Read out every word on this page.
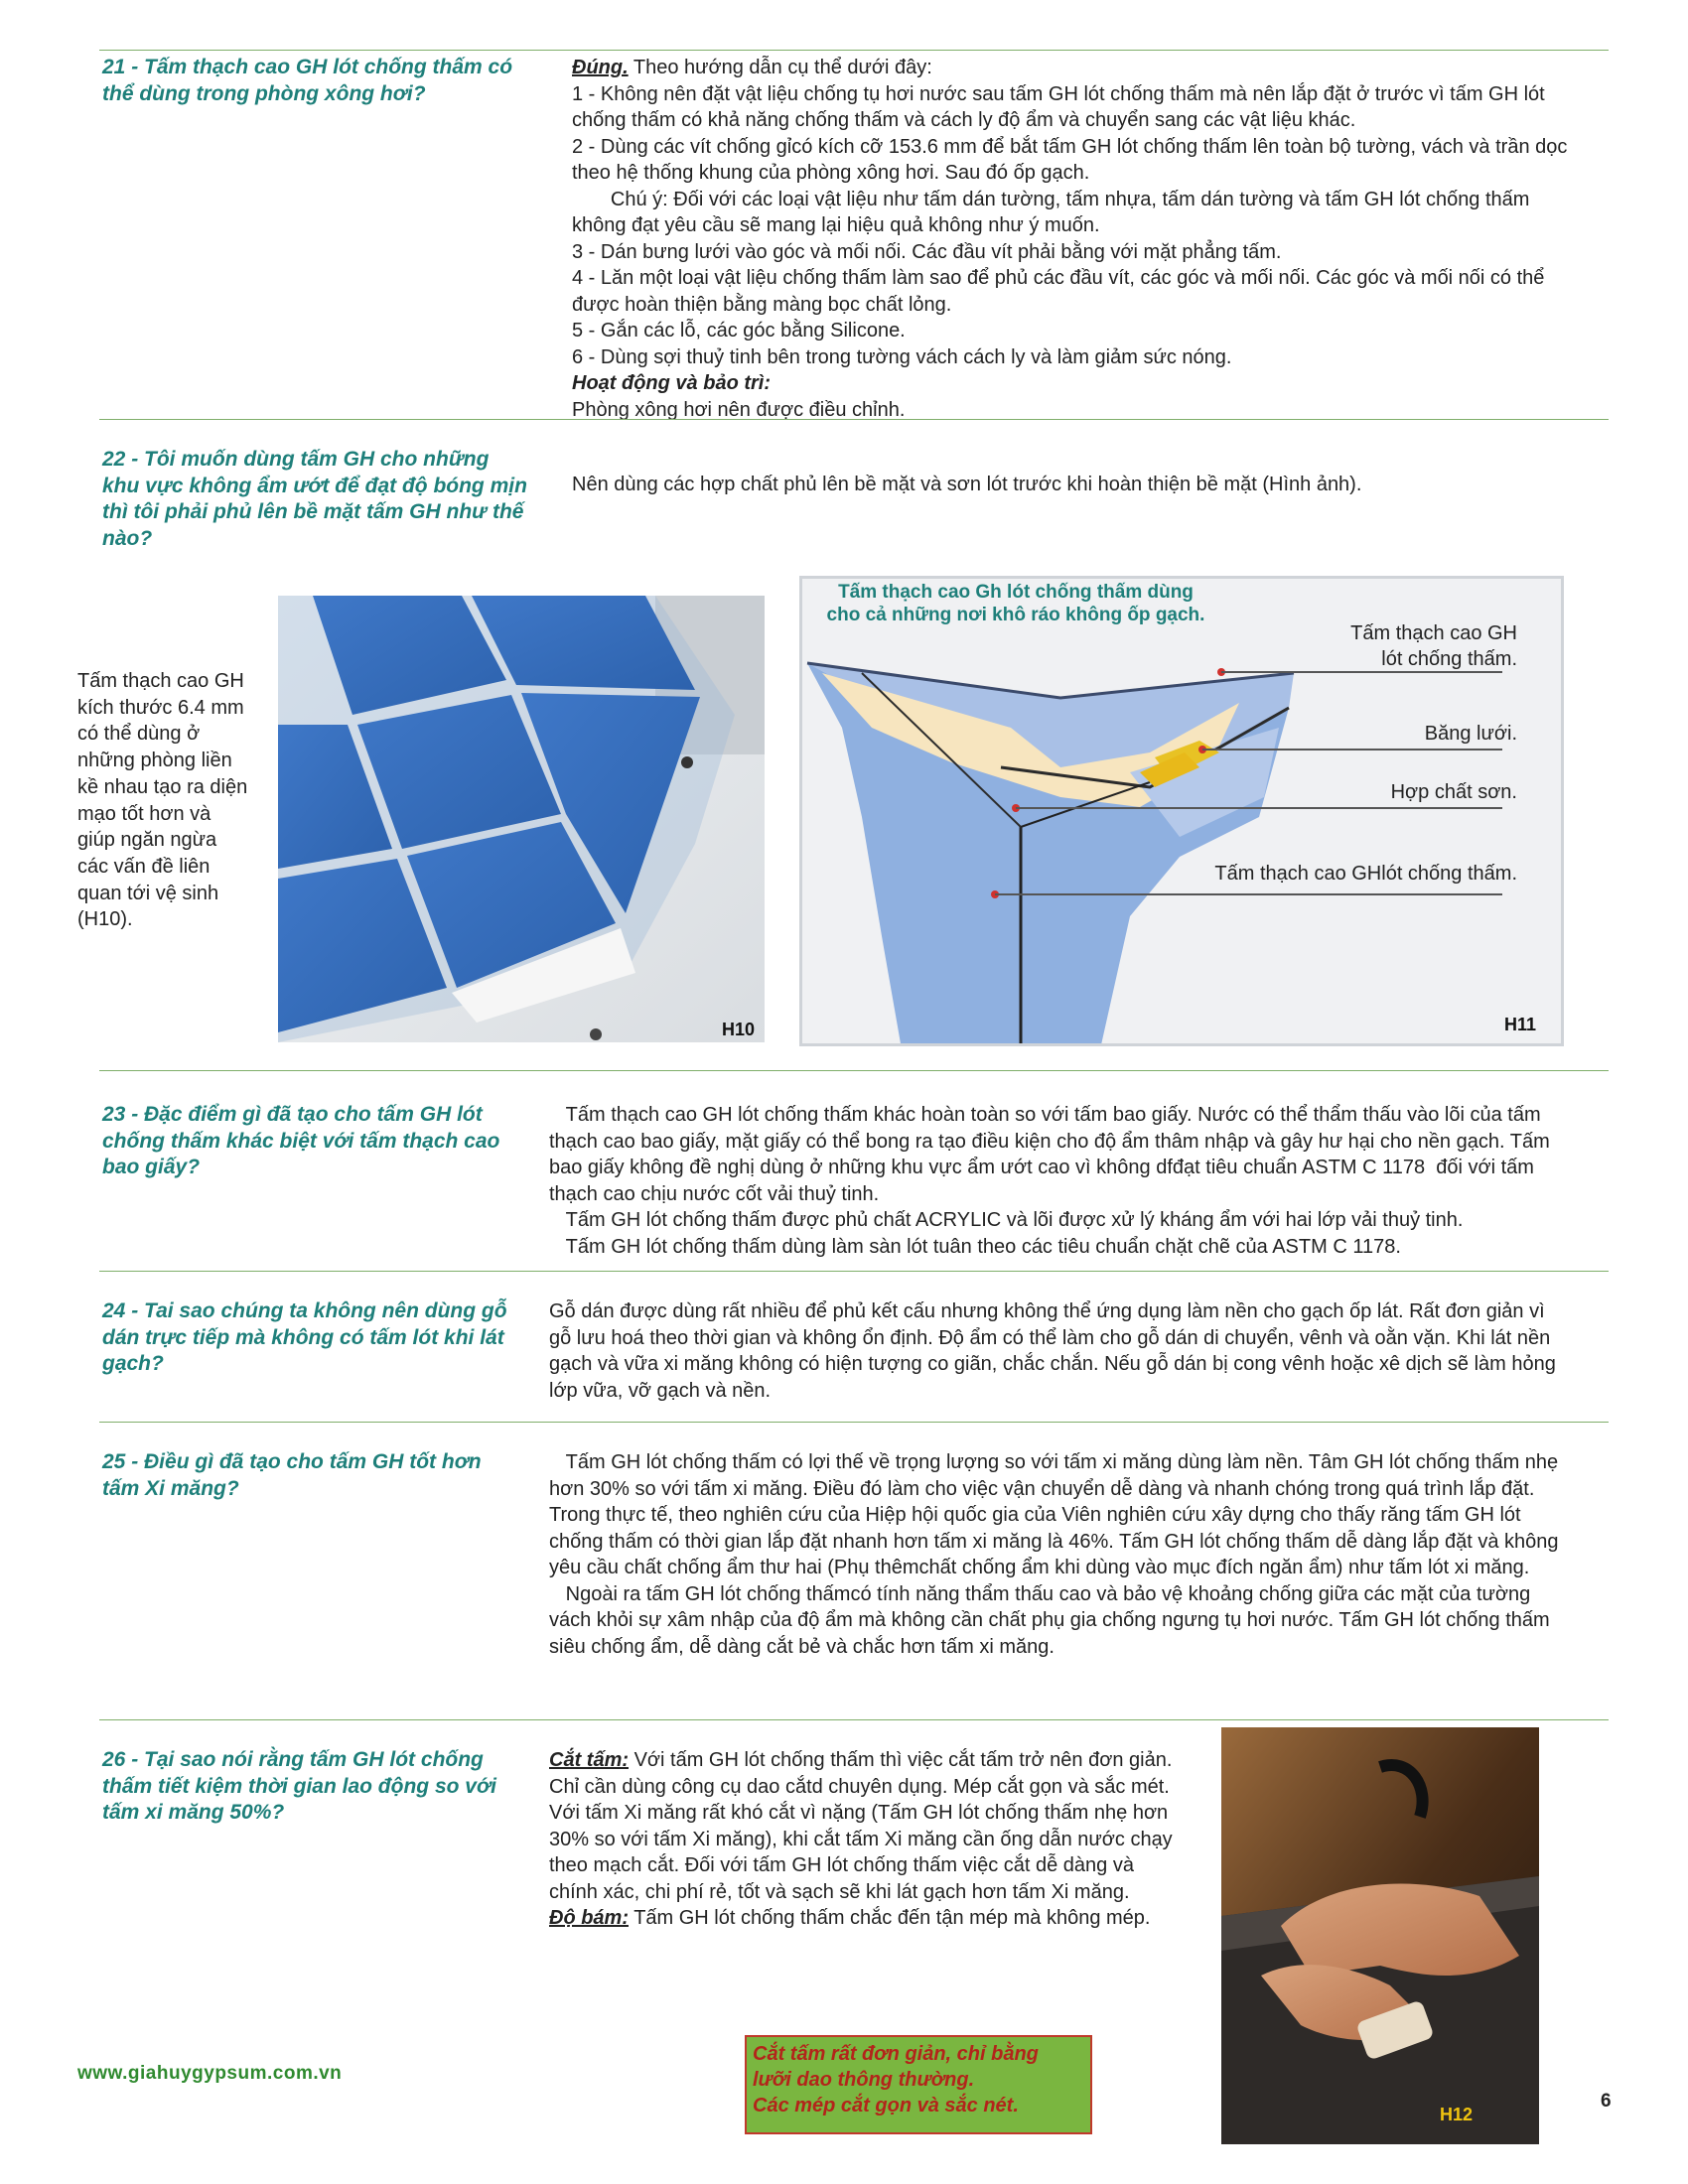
21 - Tấm thạch cao GH lót chống thấm có thể dùng trong phòng xông hơi?

Đúng. Theo hướng dẫn cụ thể dưới đây:

1 - Không nên đặt vật liệu chống tụ hơi nước sau tấm GH lót chống thấm mà nên lắp đặt ở trước vì tấm GH lót chống thấm có khả năng chống thấm và cách ly độ ẩm và chuyển sang các vật liệu khác.

2 - Dùng các vít chống gỉcó kích cỡ 153.6 mm để bắt tấm GH lót chống thấm lên toàn bộ tường, vách và trần dọc theo hệ thống khung của phòng xông hơi. Sau đó ốp gạch.

Chú ý: Đối với các loại vật liệu như tấm dán tường, tấm nhựa, tấm dán tường và tấm GH lót chống thấm không đạt yêu cầu sẽ mang lại hiệu quả không như ý muốn.

3 - Dán bưng lưới vào góc và mối nối. Các đầu vít phải bằng với mặt phẳng tấm.

4 - Lăn một loại vật liệu chống thấm làm sao để phủ các đầu vít, các góc và mối nối. Các góc và mối nối có thể được hoàn thiện bằng màng bọc chất lỏng.

5 - Gắn các lỗ, các góc bằng Silicone.

6 - Dùng sợi thuỷ tinh bên trong tường vách cách ly và làm giảm sức nóng.

Hoạt động và bảo trì:

Phòng xông hơi nên được điều chỉnh.

22 - Tôi muốn dùng tấm GH cho những khu vực không ẩm ướt để đạt độ bóng mịn thì tôi phải phủ lên bề mặt tấm GH như thế nào?
Nên dùng các hợp chất phủ lên bề mặt và sơn lót trước khi hoàn thiện bề mặt (Hình ảnh).
Tấm thạch cao GH
kích thước 6.4 mm
có thể dùng ở
những phòng liền
kề nhau tạo ra diện
mạo tốt hơn và
giúp ngăn ngừa
các vấn đề liên
quan tới vệ sinh
(H10).
H10
Tấm thạch cao Gh lót chống thấm dùng
cho cả những nơi khô ráo không ốp gạch.
Tấm thạch cao GH
lót chống thấm.
Băng lưới.
Hợp chất sơn.
Tấm thạch cao GHlót chống thấm.
H11
23 - Đặc điểm gì đã tạo cho tấm GH lót chống thấm khác biệt với tấm thạch cao bao giấy?

Tấm thạch cao GH lót chống thấm khác hoàn toàn so với tấm bao giấy. Nước có thể thẩm thấu vào lõi của tấm thạch cao bao giấy, mặt giấy có thể bong ra tạo điều kiện cho độ ẩm thâm nhập và gây hư hại cho nền gạch. Tấm bao giấy không đề nghị dùng ở những khu vực ẩm ướt cao vì không dfđạt tiêu chuẩn ASTM C 1178  đối với tấm thạch cao chịu nước cốt vải thuỷ tinh.

Tấm GH lót chống thấm được phủ chất ACRYLIC và lõi được xử lý kháng ẩm với hai lớp vải thuỷ tinh.

Tấm GH lót chống thấm dùng làm sàn lót tuân theo các tiêu chuẩn chặt chẽ của ASTM C 1178.

24 - Tai sao chúng ta không nên dùng gỗ dán trực tiếp mà không có tấm lót khi lát gạch?
Gỗ dán được dùng rất nhiều để phủ kết cấu nhưng không thể ứng dụng làm nền cho gạch ốp lát. Rất đơn giản vì gỗ lưu hoá theo thời gian và không ổn định. Độ ẩm có thể làm cho gỗ dán di chuyển, vênh và oằn vặn. Khi lát nền gạch và vữa xi măng không có hiện tượng co giãn, chắc chắn. Nếu gỗ dán bị cong vênh hoặc xê dịch sẽ làm hỏng lớp vữa, vỡ gạch và nền.
25 - Điều gì đã tạo cho tấm GH tốt hơn tấm Xi măng?

Tấm GH lót chống thấm có lợi thế về trọng lượng so với tấm xi măng dùng làm nền. Tâm GH lót chống thấm nhẹ hơn 30% so với tấm xi măng. Điều đó làm cho việc vận chuyển dễ dàng và nhanh chóng trong quá trình lắp đặt. Trong thực tế, theo nghiên cứu của Hiệp hội quốc gia của Viên nghiên cứu xây dựng cho thấy răng tấm GH lót chống thấm có thời gian lắp đặt nhanh hơn tấm xi măng là 46%. Tấm GH lót chống thấm dễ dàng lắp đặt và không yêu cầu chất chống ẩm thư hai (Phụ thêmchất chống ẩm khi dùng vào mục đích ngăn ẩm) như tấm lót xi măng.

Ngoài ra tấm GH lót chống thấmcó tính năng thẩm thấu cao và bảo vệ khoảng chống giữa các mặt của tường vách khỏi sự xâm nhập của độ ẩm mà không cần chất phụ gia chống ngưng tụ hơi nước. Tấm GH lót chống thấm siêu chống ẩm, dễ dàng cắt bẻ và chắc hơn tấm xi măng.

26 - Tại sao nói rằng tấm GH lót chống thấm tiết kiệm thời gian lao động so với tấm xi măng 50%?

Cắt tấm: Với tấm GH lót chống thấm thì việc cắt tấm trở nên đơn giản. Chỉ cần dùng công cụ dao cắtd chuyên dụng. Mép cắt gọn và sắc mét.

Với tấm Xi măng rất khó cắt vì nặng (Tấm GH lót chống thấm nhẹ hơn 30% so với tấm Xi măng), khi cắt tấm Xi măng cần ống dẫn nước chạy theo mạch cắt. Đối với tấm GH lót chống thấm việc cắt dễ dàng và chính xác, chi phí rẻ, tốt và sạch sẽ khi lát gạch hơn tấm Xi măng.

Độ bám: Tấm GH lót chống thấm chắc đến tận mép mà không mép.

Cắt tấm rất đơn giản, chỉ bằng
lưỡi dao thông thường.
Các mép cắt gọn và sắc nét.	H12
www.giahuygypsum.com.vn
6
